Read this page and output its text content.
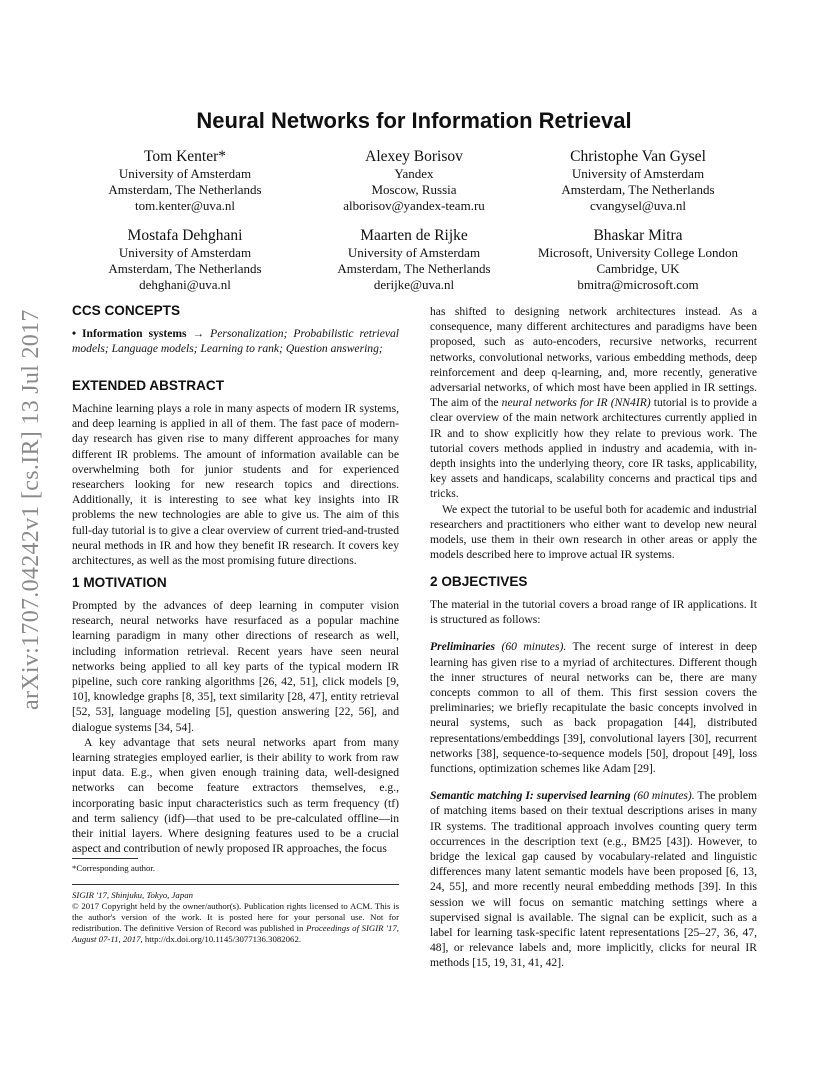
arXiv:1707.04242v1 [cs.IR] 13 Jul 2017
Neural Networks for Information Retrieval
Tom Kenter*
University of Amsterdam
Amsterdam, The Netherlands
tom.kenter@uva.nl
Alexey Borisov
Yandex
Moscow, Russia
alborisov@yandex-team.ru
Christophe Van Gysel
University of Amsterdam
Amsterdam, The Netherlands
cvangysel@uva.nl
Mostafa Dehghani
University of Amsterdam
Amsterdam, The Netherlands
dehghani@uva.nl
Maarten de Rijke
University of Amsterdam
Amsterdam, The Netherlands
derijke@uva.nl
Bhaskar Mitra
Microsoft, University College London
Cambridge, UK
bmitra@microsoft.com
CCS CONCEPTS

• Information systems → Personalization; Probabilistic retrieval models; Language models; Learning to rank; Question answering;

EXTENDED ABSTRACT

Machine learning plays a role in many aspects of modern IR systems, and deep learning is applied in all of them. The fast pace of modern-day research has given rise to many different approaches for many different IR problems. The amount of information available can be overwhelming both for junior students and for experienced researchers looking for new research topics and directions. Additionally, it is interesting to see what key insights into IR problems the new technologies are able to give us. The aim of this full-day tutorial is to give a clear overview of current tried-and-trusted neural methods in IR and how they benefit IR research. It covers key architectures, as well as the most promising future directions.

1 MOTIVATION

Prompted by the advances of deep learning in computer vision research, neural networks have resurfaced as a popular machine learning paradigm in many other directions of research as well, including information retrieval. Recent years have seen neural networks being applied to all key parts of the typical modern IR pipeline, such core ranking algorithms [26, 42, 51], click models [9, 10], knowledge graphs [8, 35], text similarity [28, 47], entity retrieval [52, 53], language modeling [5], question answering [22, 56], and dialogue systems [34, 54].

A key advantage that sets neural networks apart from many learning strategies employed earlier, is their ability to work from raw input data. E.g., when given enough training data, well-designed networks can become feature extractors themselves, e.g., incorporating basic input characteristics such as term frequency (tf) and term saliency (idf)—that used to be pre-calculated offline—in their initial layers. Where designing features used to be a crucial aspect and contribution of newly proposed IR approaches, the focus

*Corresponding author.
SIGIR '17, Shinjuku, Tokyo, Japan
© 2017 Copyright held by the owner/author(s). Publication rights licensed to ACM. This is the author's version of the work. It is posted here for your personal use. Not for redistribution. The definitive Version of Record was published in Proceedings of SIGIR '17, August 07-11, 2017, http://dx.doi.org/10.1145/3077136.3082062.

has shifted to designing network architectures instead. As a consequence, many different architectures and paradigms have been proposed, such as auto-encoders, recursive networks, recurrent networks, convolutional networks, various embedding methods, deep reinforcement and deep q-learning, and, more recently, generative adversarial networks, of which most have been applied in IR settings. The aim of the neural networks for IR (NN4IR) tutorial is to provide a clear overview of the main network architectures currently applied in IR and to show explicitly how they relate to previous work. The tutorial covers methods applied in industry and academia, with in-depth insights into the underlying theory, core IR tasks, applicability, key assets and handicaps, scalability concerns and practical tips and tricks.

We expect the tutorial to be useful both for academic and industrial researchers and practitioners who either want to develop new neural models, use them in their own research in other areas or apply the models described here to improve actual IR systems.

2 OBJECTIVES

The material in the tutorial covers a broad range of IR applications. It is structured as follows:

Preliminaries (60 minutes). The recent surge of interest in deep learning has given rise to a myriad of architectures. Different though the inner structures of neural networks can be, there are many concepts common to all of them. This first session covers the preliminaries; we briefly recapitulate the basic concepts involved in neural systems, such as back propagation [44], distributed representations/embeddings [39], convolutional layers [30], recurrent networks [38], sequence-to-sequence models [50], dropout [49], loss functions, optimization schemes like Adam [29].

Semantic matching I: supervised learning (60 minutes). The problem of matching items based on their textual descriptions arises in many IR systems. The traditional approach involves counting query term occurrences in the description text (e.g., BM25 [43]). However, to bridge the lexical gap caused by vocabulary-related and linguistic differences many latent semantic models have been proposed [6, 13, 24, 55], and more recently neural embedding methods [39]. In this session we will focus on semantic matching settings where a supervised signal is available. The signal can be explicit, such as a label for learning task-specific latent representations [25–27, 36, 47, 48], or relevance labels and, more implicitly, clicks for neural IR methods [15, 19, 31, 41, 42].
